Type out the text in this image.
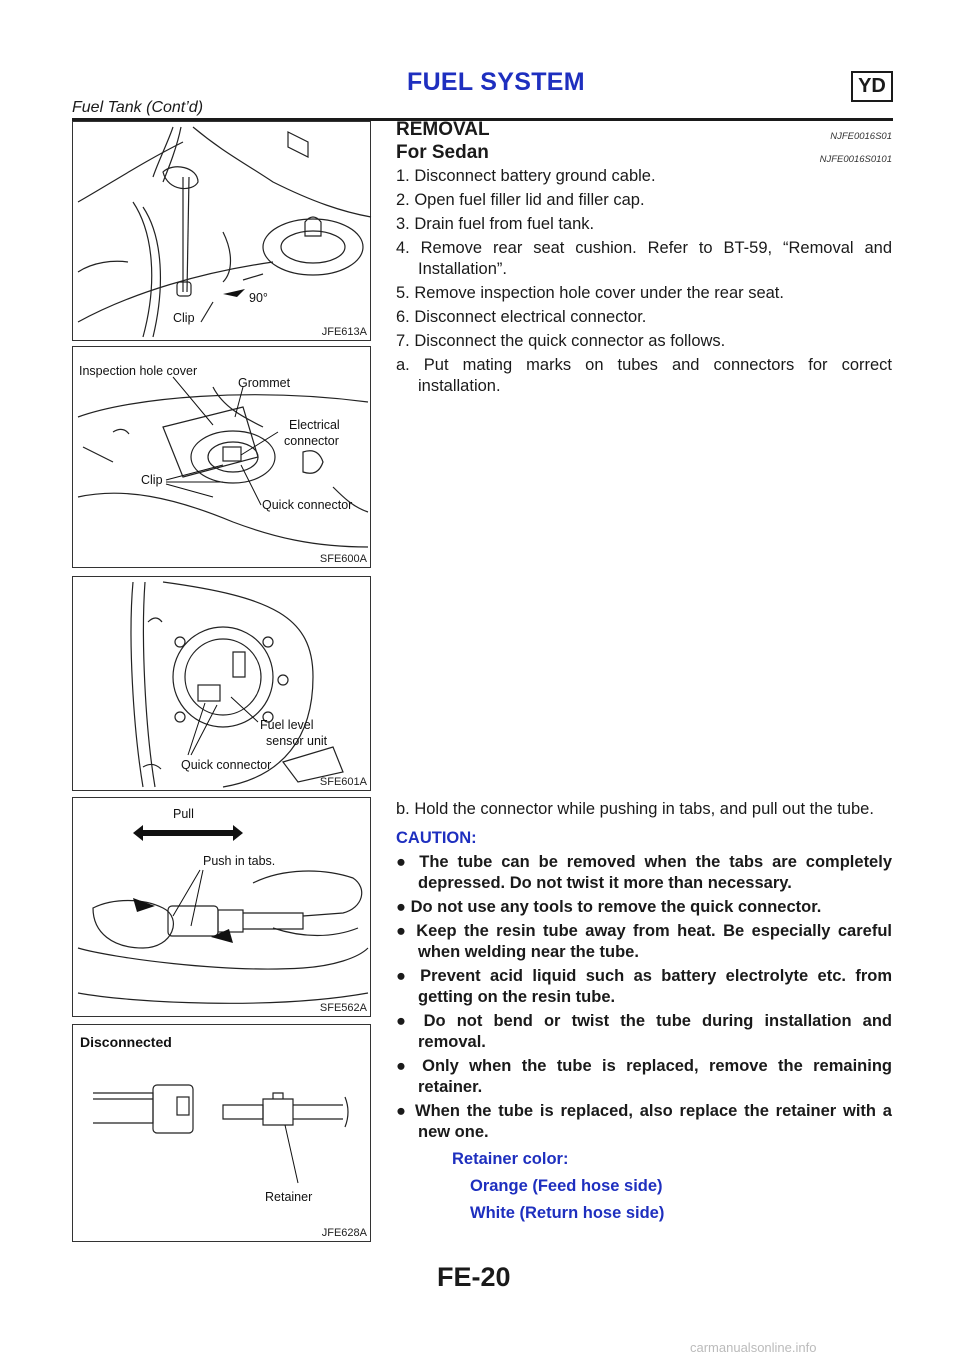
FUEL SYSTEM	YD
Fuel Tank (Cont’d)
90°
Clip
JFE613A
Inspection hole cover
Grommet
Electrical
connector
Clip
Quick connector
SFE600A
Fuel level
sensor unit
Quick connector
SFE601A
Pull
Push in tabs.
SFE562A
Disconnected
Retainer
JFE628A

REMOVAL	NJFE0016S01

For Sedan	NJFE0016S0101
1. Disconnect battery ground cable.
2. Open fuel filler lid and filler cap.
3. Drain fuel from fuel tank.
4. Remove rear seat cushion. Refer to BT-59, “Removal and Installation”.
5. Remove inspection hole cover under the rear seat.
6. Disconnect electrical connector.
7. Disconnect the quick connector as follows.
a. Put mating marks on tubes and connectors for correct installation.
b. Hold the connector while pushing in tabs, and pull out the tube.
CAUTION:
● The tube can be removed when the tabs are completely depressed. Do not twist it more than necessary.
● Do not use any tools to remove the quick connector.
● Keep the resin tube away from heat. Be especially careful when welding near the tube.
● Prevent acid liquid such as battery electrolyte etc. from getting on the resin tube.
● Do not bend or twist the tube during installation and removal.
● Only when the tube is replaced, remove the remaining retainer.
● When the tube is replaced, also replace the retainer with a new one.
Retainer color:
Orange (Feed hose side)
White (Return hose side)
FE-20
carmanualsonline.info
